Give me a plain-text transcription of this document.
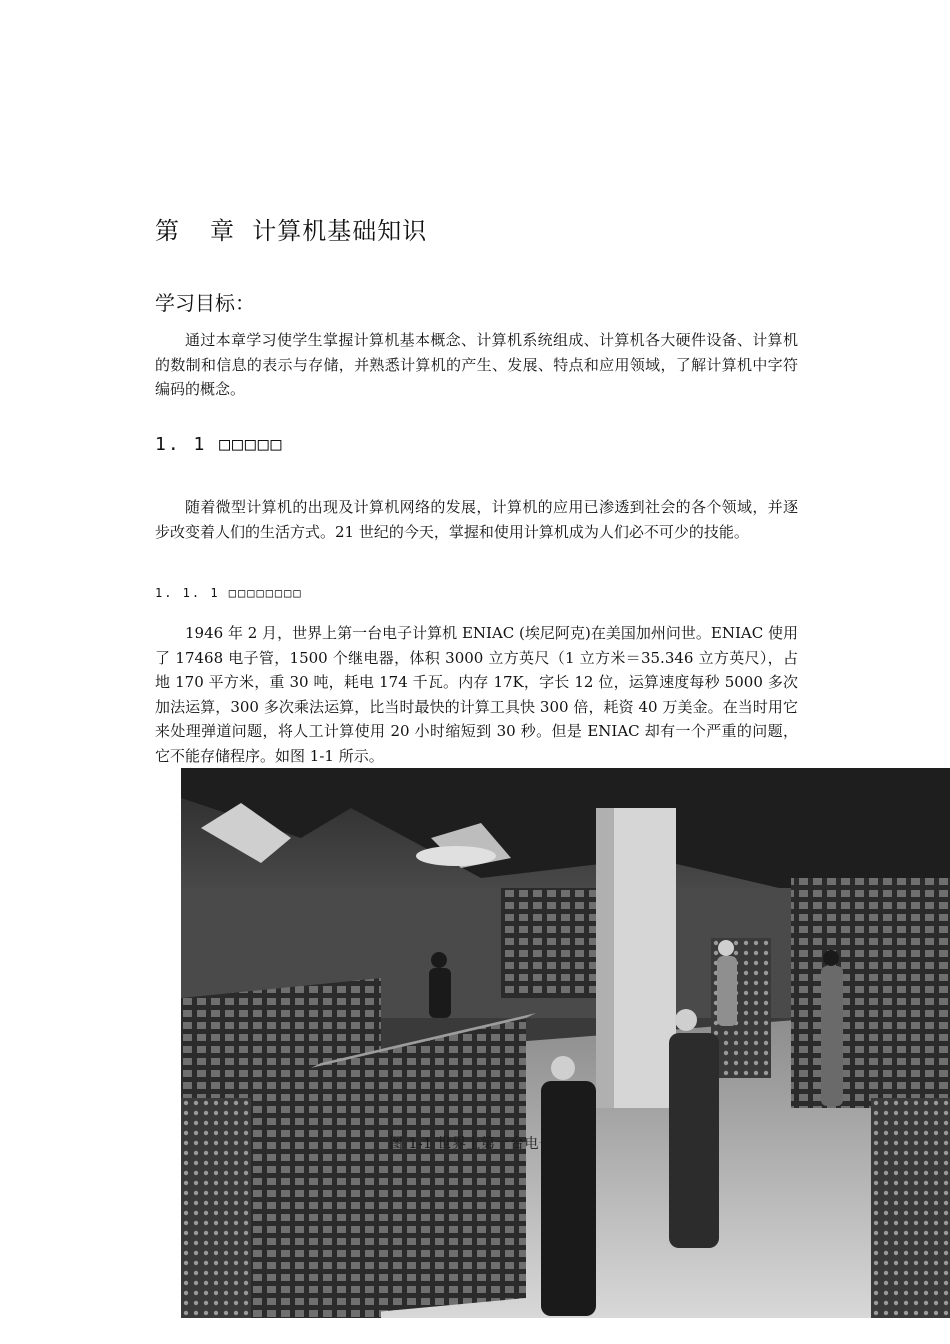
第 章 计算机基础知识
学习目标：

通过本章学习使学生掌握计算机基本概念、计算机系统组成、计算机各大硬件设备、计算机的数制和信息的表示与存储，并熟悉计算机的产生、发展、特点和应用领域，了解计算机中字符编码的概念。

1. 1 □□□□□

随着微型计算机的出现及计算机网络的发展，计算机的应用已渗透到社会的各个领域，并逐步改变着人们的生活方式。21 世纪的今天，掌握和使用计算机成为人们必不可少的技能。

1. 1. 1 □□□□□□□□

1946 年 2 月，世界上第一台电子计算机 ENIAC (埃尼阿克)在美国加州问世。ENIAC 使用了 17468 电子管，1500 个继电器，体积 3000 立方英尺（1 立方米＝35.346 立方英尺），占地 170 平方米，重 30 吨，耗电 174 千瓦。内存 17K，字长 12 位，运算速度每秒 5000 多次加法运算，300 多次乘法运算，比当时最快的计算工具快 300 倍，耗资 40 万美金。在当时用它来处理弹道问题，将人工计算使用 20 小时缩短到 30 秒。但是 ENIAC 却有一个严重的问题，它不能存储程序。如图 1-1 所示。

图 1-1 世界上第一台电子计算机
